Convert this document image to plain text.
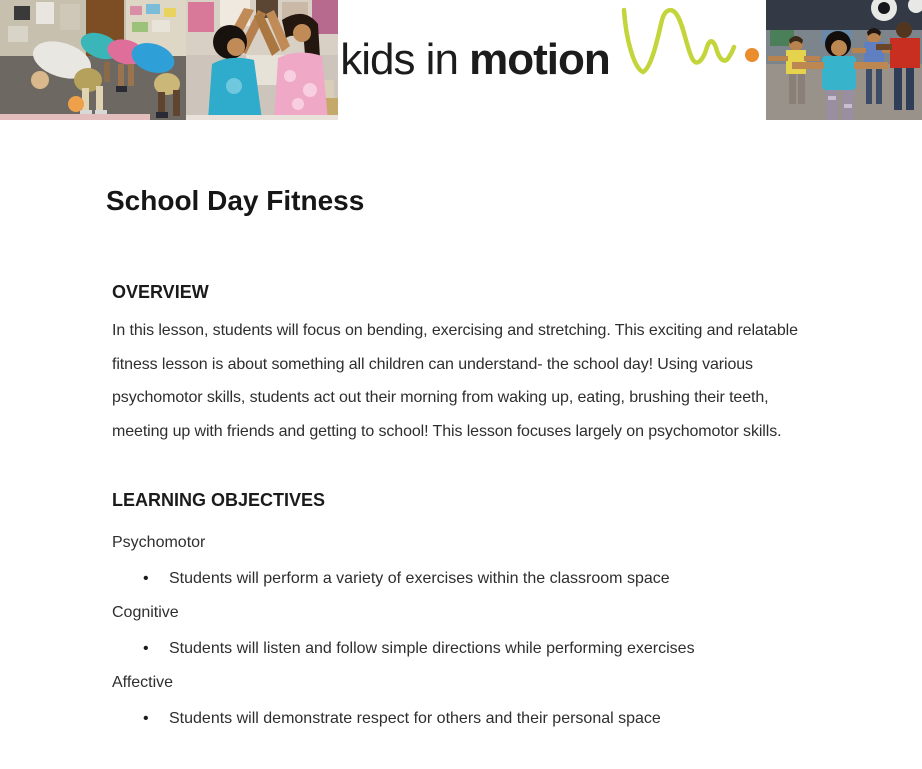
kids in motion
School Day Fitness
OVERVIEW

In this lesson, students will focus on bending, exercising and stretching. This exciting and relatable fitness lesson is about something all children can understand- the school day! Using various psychomotor skills, students act out their morning from waking up, eating, brushing their teeth, meeting up with friends and getting to school! This lesson focuses largely on psychomotor skills.

LEARNING OBJECTIVES
Psychomotor
• Students will perform a variety of exercises within the classroom space
Cognitive
• Students will listen and follow simple directions while performing exercises
Affective
• Students will demonstrate respect for others and their personal space
